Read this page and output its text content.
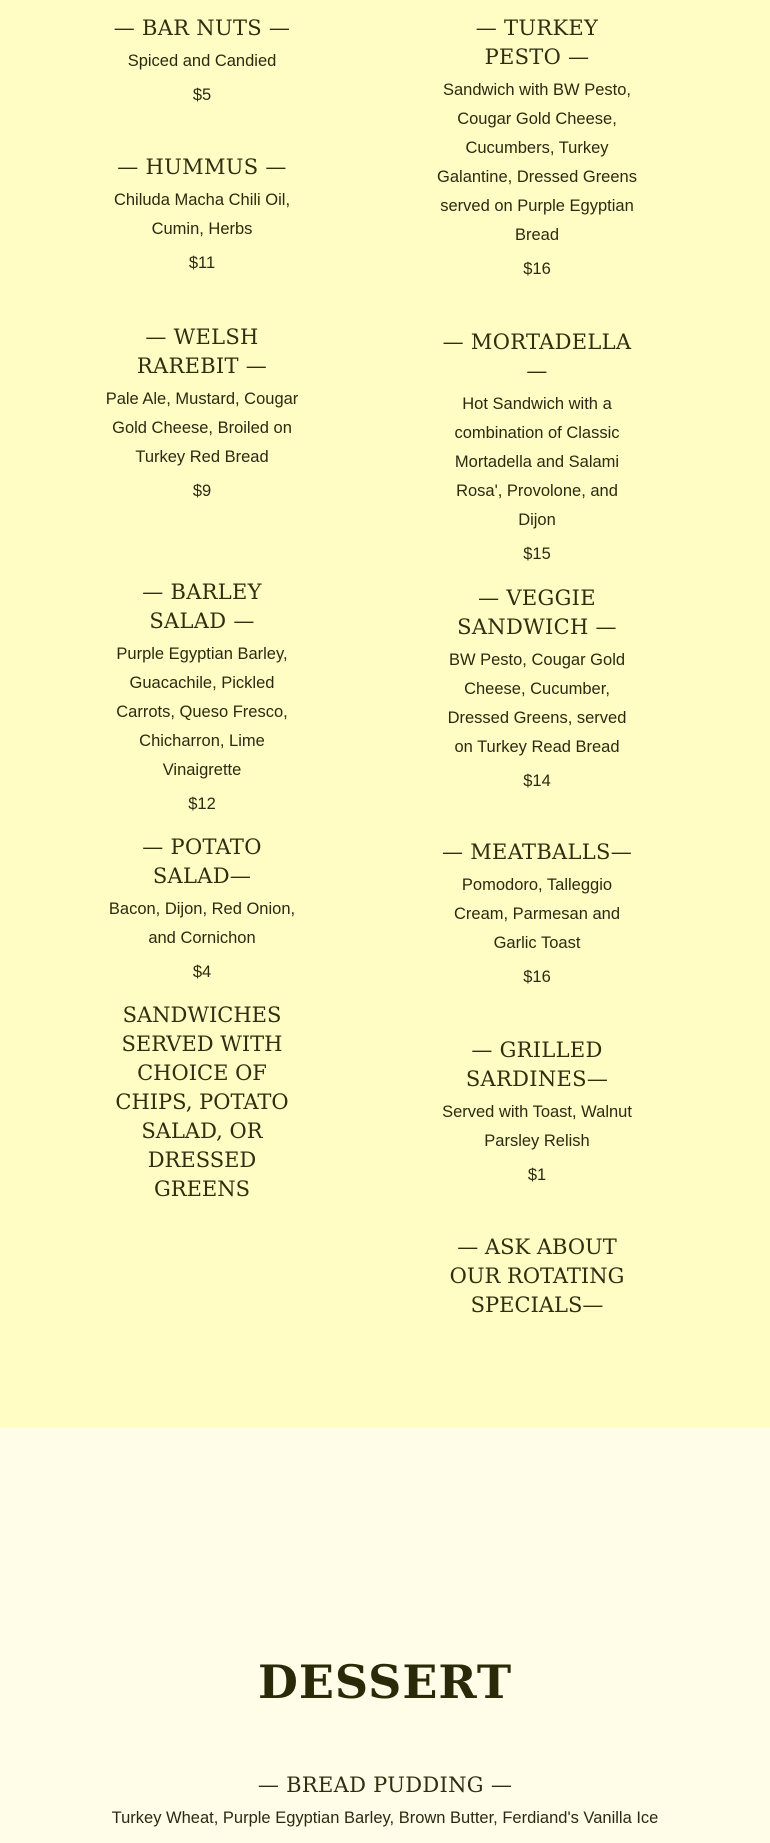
— BAR NUTS —

Spiced and Candied

$5

— HUMMUS —

Chiluda Macha Chili Oil, Cumin, Herbs

$11

— WELSH RAREBIT —

Pale Ale, Mustard, Cougar Gold Cheese, Broiled on Turkey Red Bread

$9

— BARLEY SALAD —

Purple Egyptian Barley, Guacachile, Pickled Carrots, Queso Fresco, Chicharron, Lime Vinaigrette

$12

— POTATO SALAD—

Bacon, Dijon, Red Onion, and Cornichon

$4

SANDWICHES SERVED WITH CHOICE OF CHIPS, POTATO SALAD, OR DRESSED GREENS

— TURKEY PESTO —

Sandwich with BW Pesto, Cougar Gold Cheese, Cucumbers, Turkey Galantine, Dressed Greens served on Purple Egyptian Bread

$16

— MORTADELLA —

Hot Sandwich with a combination of Classic Mortadella and Salami Rosa', Provolone, and Dijon

$15

— VEGGIE SANDWICH —

BW Pesto, Cougar Gold Cheese, Cucumber, Dressed Greens, served on Turkey Read Bread

$14

— MEATBALLS—

Pomodoro, Talleggio Cream, Parmesan and Garlic Toast

$16

— GRILLED SARDINES—

Served with Toast, Walnut Parsley Relish

$1

— ASK ABOUT OUR ROTATING SPECIALS—

DESSERT

— BREAD PUDDING —

Turkey Wheat, Purple Egyptian Barley, Brown Butter, Ferdiand's Vanilla Ice
